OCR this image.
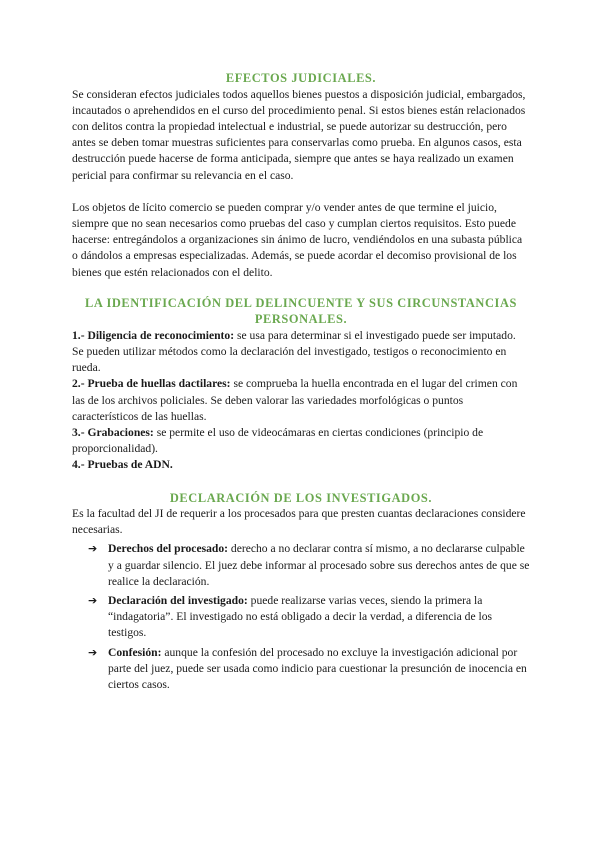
EFECTOS JUDICIALES.

Se consideran efectos judiciales todos aquellos bienes puestos a disposición judicial, embargados, incautados o aprehendidos en el curso del procedimiento penal. Si estos bienes están relacionados con delitos contra la propiedad intelectual e industrial, se puede autorizar su destrucción, pero antes se deben tomar muestras suficientes para conservarlas como prueba. En algunos casos, esta destrucción puede hacerse de forma anticipada, siempre que antes se haya realizado un examen pericial para confirmar su relevancia en el caso.

Los objetos de lícito comercio se pueden comprar y/o vender antes de que termine el juicio, siempre que no sean necesarios como pruebas del caso y cumplan ciertos requisitos. Esto puede hacerse: entregándolos a organizaciones sin ánimo de lucro, vendiéndolos en una subasta pública o dándolos a empresas especializadas. Además, se puede acordar el decomiso provisional de los bienes que estén relacionados con el delito.

LA IDENTIFICACIÓN DEL DELINCUENTE Y SUS CIRCUNSTANCIAS PERSONALES.

1.- Diligencia de reconocimiento: se usa para determinar si el investigado puede ser imputado. Se pueden utilizar métodos como la declaración del investigado, testigos o reconocimiento en rueda.

2.- Prueba de huellas dactilares: se comprueba la huella encontrada en el lugar del crimen con las de los archivos policiales. Se deben valorar las variedades morfológicas o puntos característicos de las huellas.

3.- Grabaciones: se permite el uso de videocámaras en ciertas condiciones (principio de proporcionalidad).

4.- Pruebas de ADN.

DECLARACIÓN DE LOS INVESTIGADOS.

Es la facultad del JI de requerir a los procesados para que presten cuantas declaraciones considere necesarias.

➔ Derechos del procesado: derecho a no declarar contra sí mismo, a no declararse culpable y a guardar silencio. El juez debe informar al procesado sobre sus derechos antes de que se realice la declaración.
➔ Declaración del investigado: puede realizarse varias veces, siendo la primera la “indagatoria”. El investigado no está obligado a decir la verdad, a diferencia de los testigos.
➔ Confesión: aunque la confesión del procesado no excluye la investigación adicional por parte del juez, puede ser usada como indicio para cuestionar la presunción de inocencia en ciertos casos.
